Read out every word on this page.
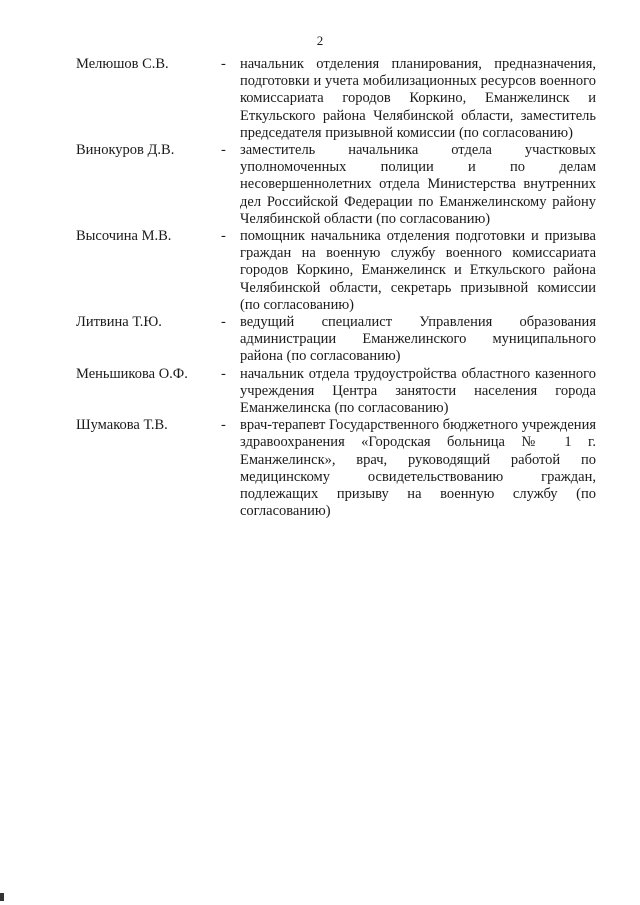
2
Мелюшов С.В.	- начальник отделения планирования, предназначения, подготовки и учета мобилизационных ресурсов военного комиссариата городов Коркино, Еманжелинск и Еткульского района Челябинской области, заместитель председателя призывной комиссии (по согласованию)
Винокуров Д.В.	- заместитель начальника отдела участковых уполномоченных полиции и по делам несовершеннолетних отдела Министерства внутренних дел Российской Федерации по Еманжелинскому району Челябинской области (по согласованию)
Высочина М.В.	- помощник начальника отделения подготовки и призыва граждан на военную службу военного комиссариата городов Коркино, Еманжелинск и Еткульского района Челябинской области, секретарь призывной комиссии (по согласованию)
Литвина Т.Ю.	- ведущий специалист Управления образования администрации Еманжелинского муниципального района (по согласованию)
Меньшикова О.Ф. - начальник отдела трудоустройства областного казенного учреждения Центра занятости населения города Еманжелинска (по согласованию)
Шумакова Т.В.	- врач-терапевт Государственного бюджетного учреждения здравоохранения «Городская больница № 1 г. Еманжелинск», врач, руководящий работой по медицинскому освидетельствованию граждан, подлежащих призыву на военную службу (по согласованию)
